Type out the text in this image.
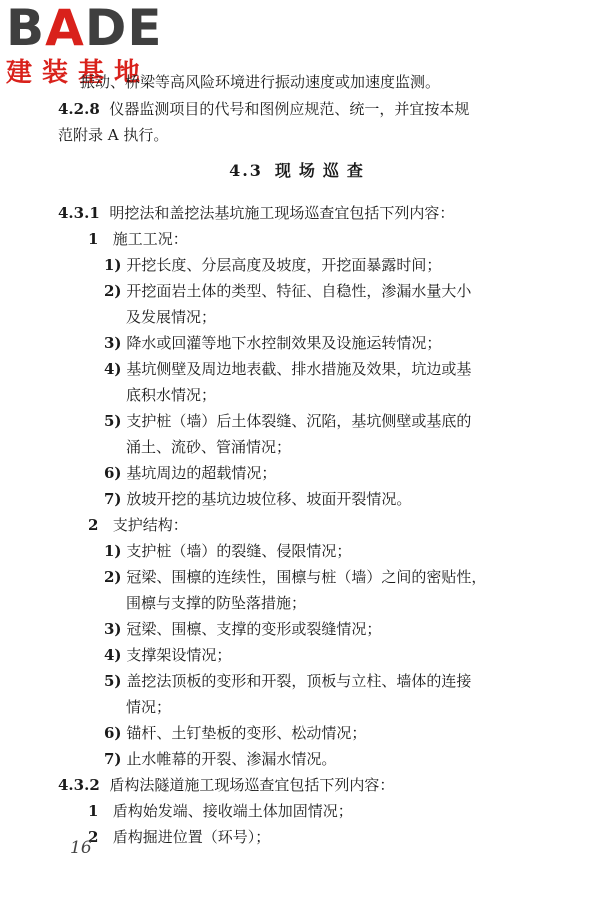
BADE
建装基地
振动、桥梁等高风险环境进行振动速度或加速度监测。
4.2.8 仪器监测项目的代号和图例应规范、统一，并宜按本规
范附录 A 执行。
4.3 现场巡查
4.3.1 明挖法和盖挖法基坑施工现场巡查宜包括下列内容：
1 施工工况：
1) 开挖长度、分层高度及坡度，开挖面暴露时间；
2) 开挖面岩土体的类型、特征、自稳性，渗漏水量大小
及发展情况；
3) 降水或回灌等地下水控制效果及设施运转情况；
4) 基坑侧壁及周边地表截、排水措施及效果，坑边或基
底积水情况；
5) 支护桩（墙）后土体裂缝、沉陷，基坑侧壁或基底的
涌土、流砂、管涌情况；
6) 基坑周边的超载情况；
7) 放坡开挖的基坑边坡位移、坡面开裂情况。
2 支护结构：
1) 支护桩（墙）的裂缝、侵限情况；
2) 冠梁、围檩的连续性，围檩与桩（墙）之间的密贴性，
围檩与支撑的防坠落措施；
3) 冠梁、围檩、支撑的变形或裂缝情况；
4) 支撑架设情况；
5) 盖挖法顶板的变形和开裂，顶板与立柱、墙体的连接
情况；
6) 锚杆、土钉垫板的变形、松动情况；
7) 止水帷幕的开裂、渗漏水情况。
4.3.2 盾构法隧道施工现场巡查宜包括下列内容：
1 盾构始发端、接收端土体加固情况；
2 盾构掘进位置（环号）；
16
